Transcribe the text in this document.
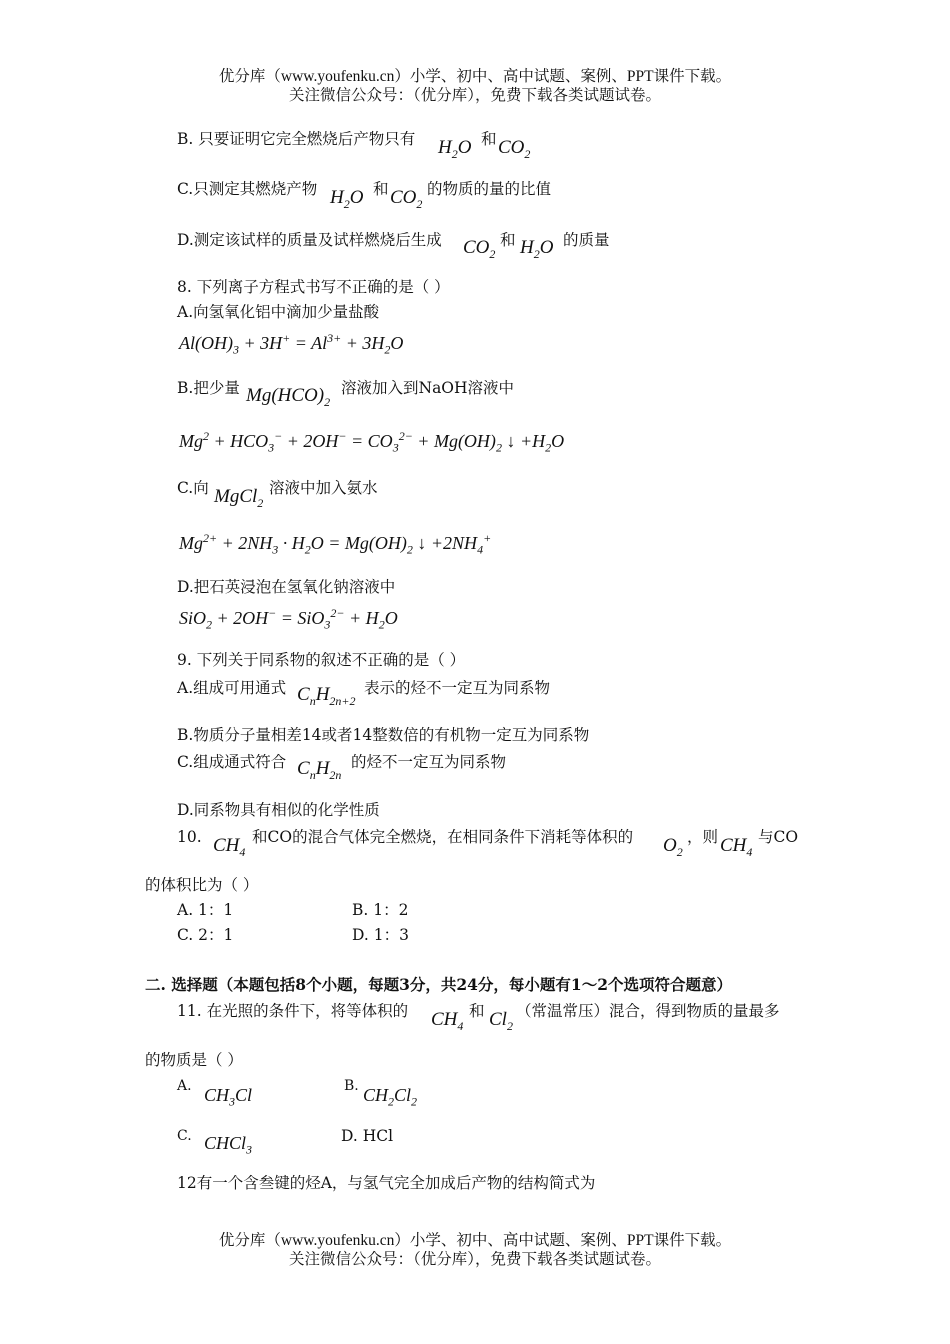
优分库（www.youfenku.cn）小学、初中、高中试题、案例、PPT课件下载。
关注微信公众号：（优分库），免费下载各类试题试卷。
B. 只要证明它完全燃烧后产物只有 $H_2O$ 和 $CO_2$
C.只测定其燃烧产物 $H_2O$ 和 $CO_2$
的物质的量的比值
D.测定该试样的质量及试样燃烧后生成 $CO_2$
和 $H_2O$ 的质量
8. 下列离子方程式书写不正确的是（ ）
A.向氢氧化铝中滴加少量盐酸
$Al(OH)_3 + 3H^+ = Al^{3+} + 3H_2O$
B.把少量 $Mg(HCO)_2$
溶液加入到NaOH溶液中
$Mg^2 + HCO_3^- + 2OH^- = CO_3^{2-} + Mg(OH)_2$ ↓ $+H_2O$
C.向 MgCl$_2$
溶液中加入氨水
$Mg^{2+} + 2NH_3 \cdot H_2O = Mg(OH)_2$ ↓ $+2NH_4^+$
D.把石英浸泡在氢氧化钠溶液中
$SiO_2 + 2OH^- = SiO_3^{2-} + H_2O$
9. 下列关于同系物的叙述不正确的是（ ）
A.组成可用通式 $C_nH_{2n+2}$
表示的烃不一定互为同系物
B.物质分子量相差14或者14整数倍的有机物一定互为同系物
C.组成通式符合 $C_nH_{2n}$
的烃不一定互为同系物
D.同系物具有相似的化学性质
10. $CH_4$
和CO的混合气体完全燃烧，在相同条件下消耗等体积的 $O_2$
，则 $CH_4$
与CO
的体积比为（ ）
A. 1：1	B. 1：2
C. 2：1	D. 1：3
二. 选择题（本题包括8个小题，每题3分，共24分，每小题有1～2个选项符合题意）
11. 在光照的条件下，将等体积的 $CH_4$
和 $Cl_2$
（常温常压）混合，得到物质的量最多
的物质是（ ）
A. $CH_3Cl$	B. $CH_2Cl_2$
C. CHCl$_3$
D. HCl
12有一个含叁键的烃A，与氢气完全加成后产物的结构简式为
优分库（www.youfenku.cn）小学、初中、高中试题、案例、PPT课件下载。
关注微信公众号：（优分库），免费下载各类试题试卷。
